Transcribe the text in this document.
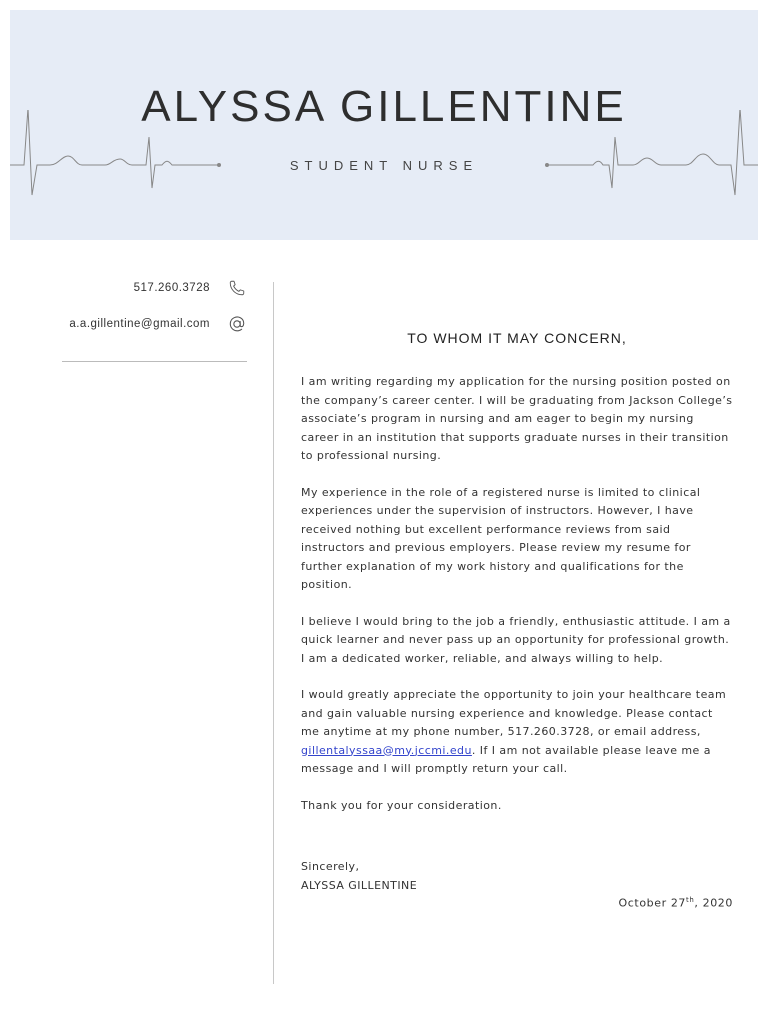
ALYSSA GILLENTINE
STUDENT NURSE
517.260.3728
a.a.gillentine@gmail.com
TO WHOM IT MAY CONCERN,

I am writing regarding my application for the nursing position posted on the company’s career center. I will be graduating from Jackson College’s associate’s program in nursing and am eager to begin my nursing career in an institution that supports graduate nurses in their transition to professional nursing.

My experience in the role of a registered nurse is limited to clinical experiences under the supervision of instructors. However, I have received nothing but excellent performance reviews from said instructors and previous employers. Please review my resume for further explanation of my work history and qualifications for the position.

I believe I would bring to the job a friendly, enthusiastic attitude. I am a quick learner and never pass up an opportunity for professional growth. I am a dedicated worker, reliable, and always willing to help.

I would greatly appreciate the opportunity to join your healthcare team and gain valuable nursing experience and knowledge. Please contact me anytime at my phone number, 517.260.3728, or email address, gillentalyssaa@my.jccmi.edu. If I am not available please leave me a message and I will promptly return your call.

Thank you for your consideration.

Sincerely,
ALYSSA GILLENTINE
October 27th, 2020
